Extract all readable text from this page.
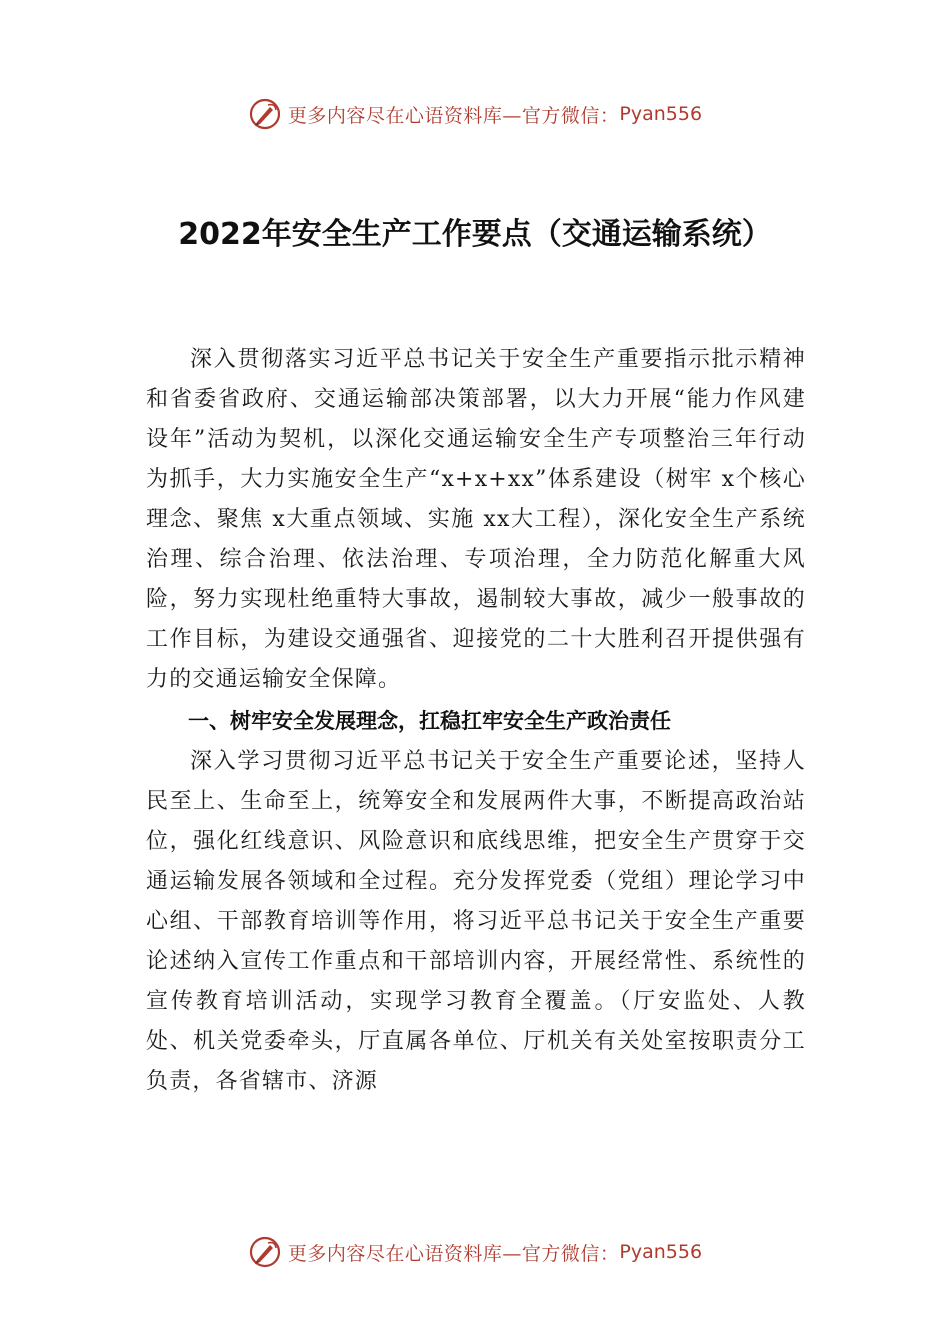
更多内容尽在心语资料库—官方微信： Pyan556
2022年安全生产工作要点（交通运输系统）

深入贯彻落实习近平总书记关于安全生产重要指示批示精神和省委省政府、交通运输部决策部署，以大力开展“能力作风建设年”活动为契机，以深化交通运输安全生产专项整治三年行动为抓手，大力实施安全生产“x+x+xx”体系建设（树牢 x个核心理念、聚焦 x大重点领域、实施 xx大工程），深化安全生产系统治理、综合治理、依法治理、专项治理，全力防范化解重大风险，努力实现杜绝重特大事故，遏制较大事故，减少一般事故的工作目标，为建设交通强省、迎接党的二十大胜利召开提供强有力的交通运输安全保障。

一、树牢安全发展理念，扛稳扛牢安全生产政治责任

深入学习贯彻习近平总书记关于安全生产重要论述，坚持人民至上、生命至上，统筹安全和发展两件大事，不断提高政治站位，强化红线意识、风险意识和底线思维，把安全生产贯穿于交通运输发展各领域和全过程。充分发挥党委（党组）理论学习中心组、干部教育培训等作用，将习近平总书记关于安全生产重要论述纳入宣传工作重点和干部培训内容，开展经常性、系统性的宣传教育培训活动，实现学习教育全覆盖。（厅安监处、人教处、机关党委牵头，厅直属各单位、厅机关有关处室按职责分工负责，各省辖市、济源

更多内容尽在心语资料库—官方微信： Pyan556
